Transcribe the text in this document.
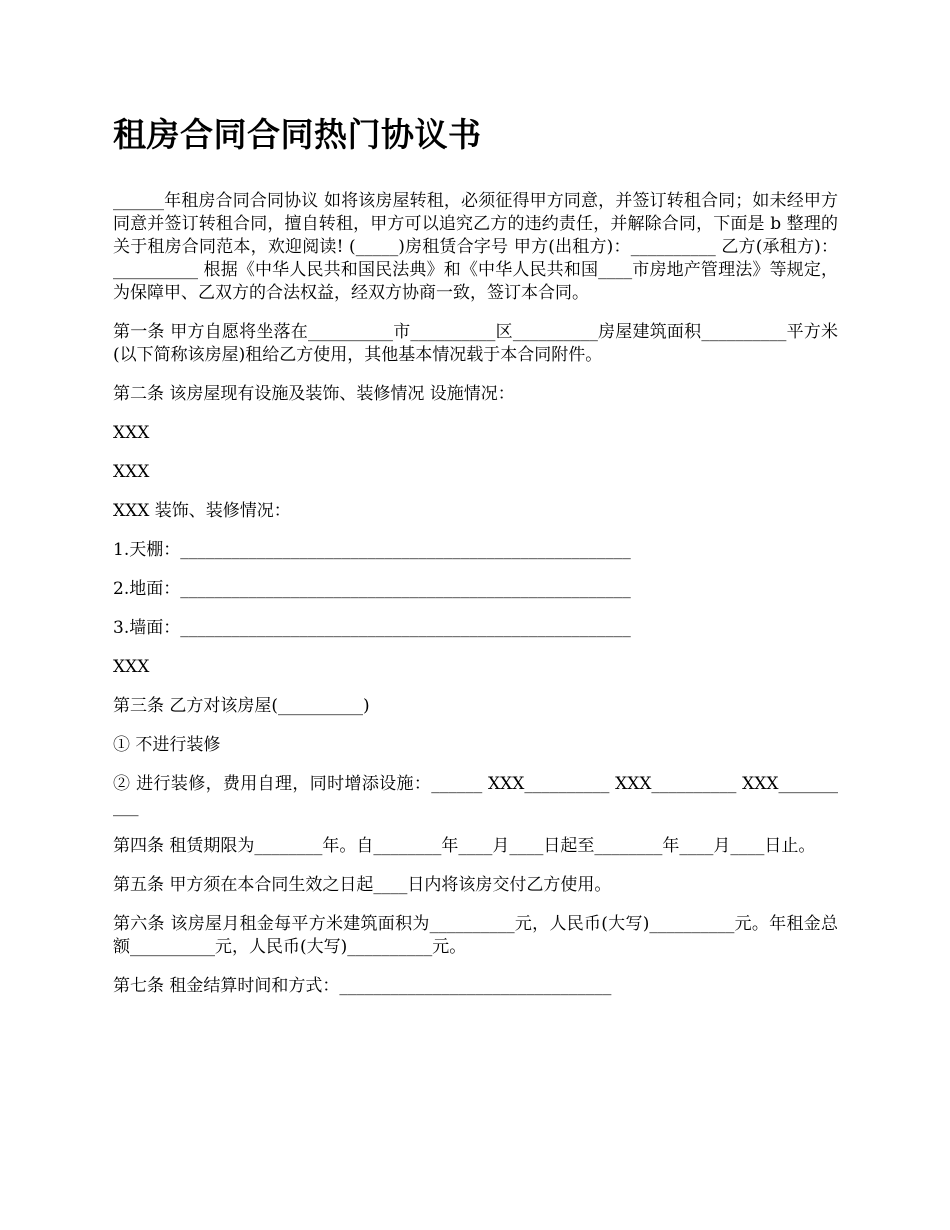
租房合同合同热门协议书

______年租房合同合同协议 如将该房屋转租，必须征得甲方同意，并签订转租合同；如未经甲方同意并签订转租合同，擅自转租，甲方可以追究乙方的违约责任，并解除合同，下面是 b 整理的关于租房合同范本，欢迎阅读! (_____)房租赁合字号 甲方(出租方)：__________ 乙方(承租方)：__________ 根据《中华人民共和国民法典》和《中华人民共和国____市房地产管理法》等规定，为保障甲、乙双方的合法权益，经双方协商一致，签订本合同。

第一条 甲方自愿将坐落在__________市__________区__________房屋建筑面积__________平方米(以下简称该房屋)租给乙方使用，其他基本情况载于本合同附件。

第二条 该房屋现有设施及装饰、装修情况 设施情况：

XXX

XXX

XXX 装饰、装修情况：

1.天棚：_____________________________________________________

2.地面：_____________________________________________________

3.墙面：_____________________________________________________

XXX

第三条 乙方对该房屋(__________)

① 不进行装修

② 进行装修，费用自理，同时增添设施：______ XXX__________ XXX__________ XXX__________

第四条 租赁期限为________年。自________年____月____日起至________年____月____日止。

第五条 甲方须在本合同生效之日起____日内将该房交付乙方使用。

第六条 该房屋月租金每平方米建筑面积为__________元，人民币(大写)__________元。年租金总额__________元，人民币(大写)__________元。

第七条 租金结算时间和方式：________________________________
